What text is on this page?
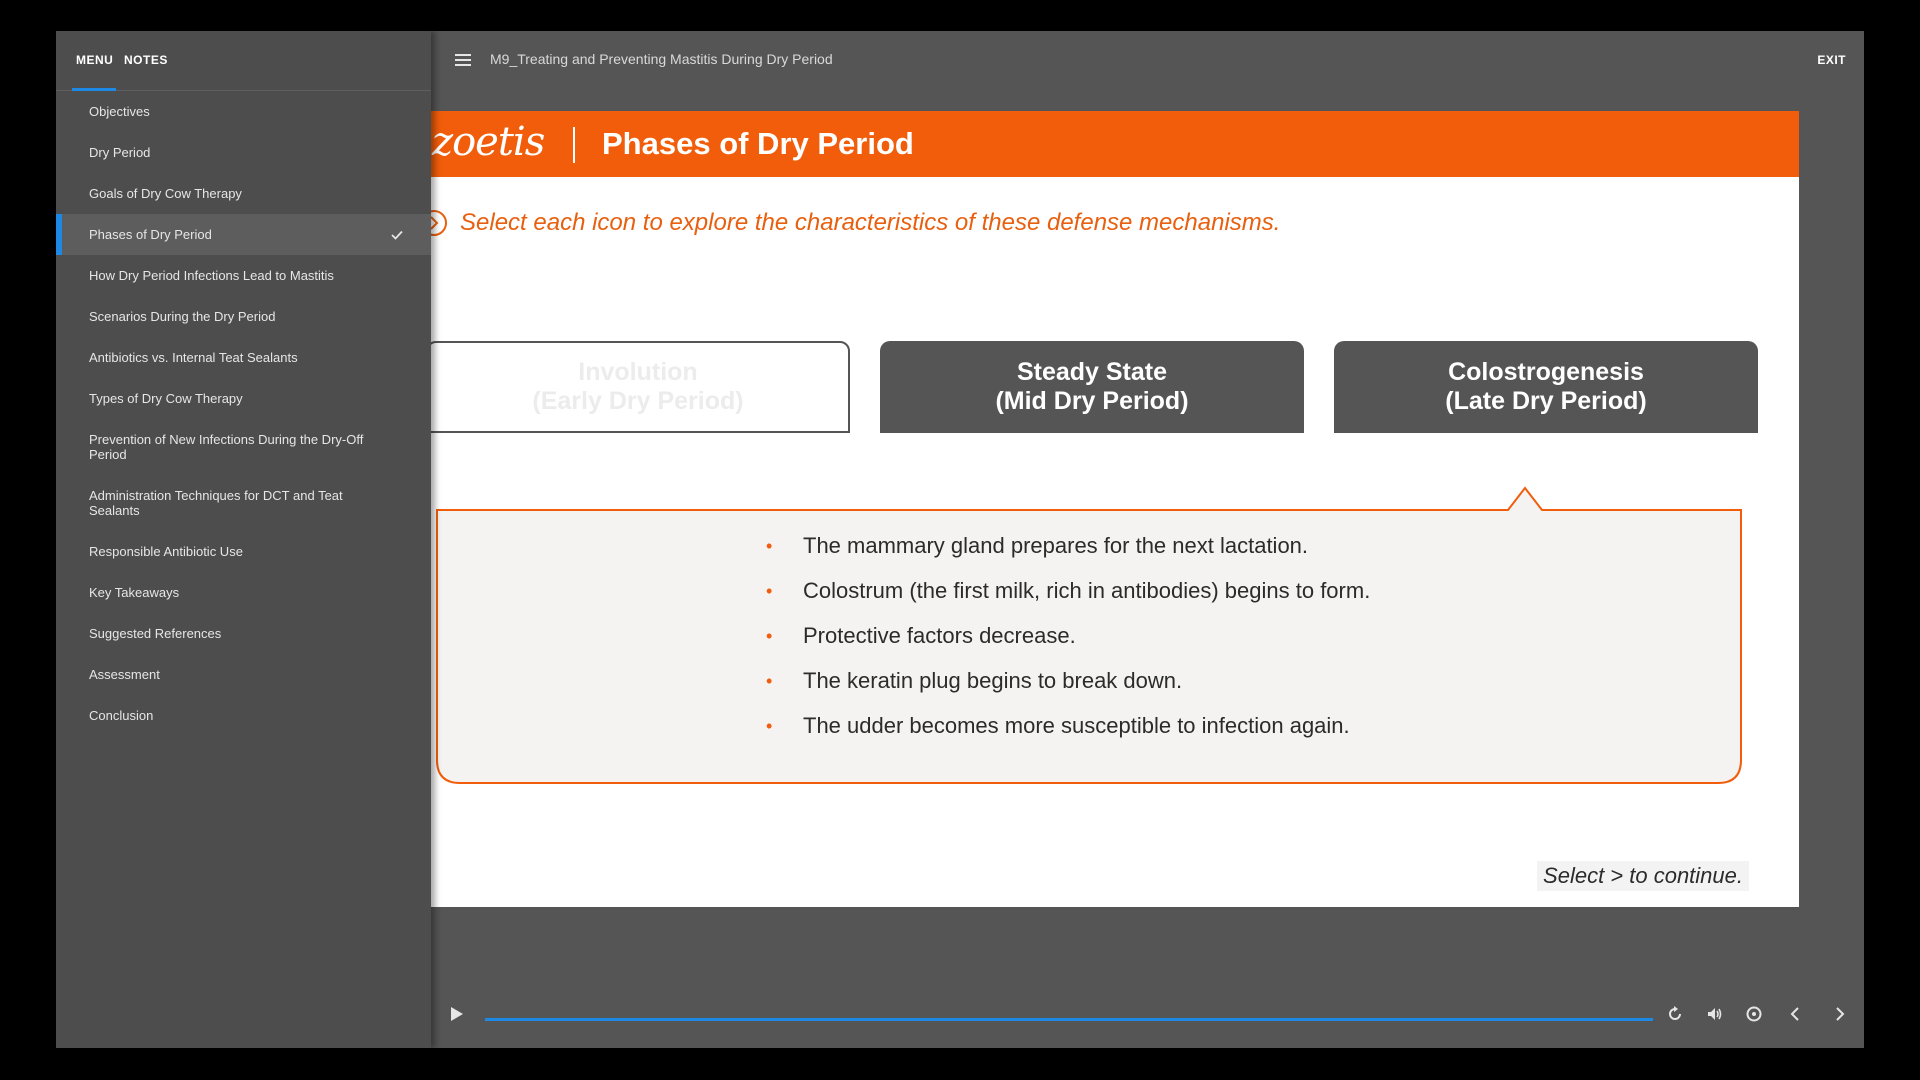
MENU NOTES
Objectives
Dry Period
Goals of Dry Cow Therapy
Phases of Dry Period
How Dry Period Infections Lead to Mastitis
Scenarios During the Dry Period
Antibiotics vs. Internal Teat Sealants
Types of Dry Cow Therapy
Prevention of New Infections During the Dry-Off Period
Administration Techniques for DCT and Teat Sealants
Responsible Antibiotic Use
Key Takeaways
Suggested References
Assessment
Conclusion
M9_Treating and Preventing Mastitis During Dry Period	EXIT
zoetis Phases of Dry Period
Select each icon to explore the characteristics of these defense mechanisms.
Involution
(Early Dry Period)
Steady State
(Mid Dry Period)
Colostrogenesis
(Late Dry Period)
• The mammary gland prepares for the next lactation.
• Colostrum (the first milk, rich in antibodies) begins to form.
• Protective factors decrease.
• The keratin plug begins to break down.
• The udder becomes more susceptible to infection again.
Select > to continue.
